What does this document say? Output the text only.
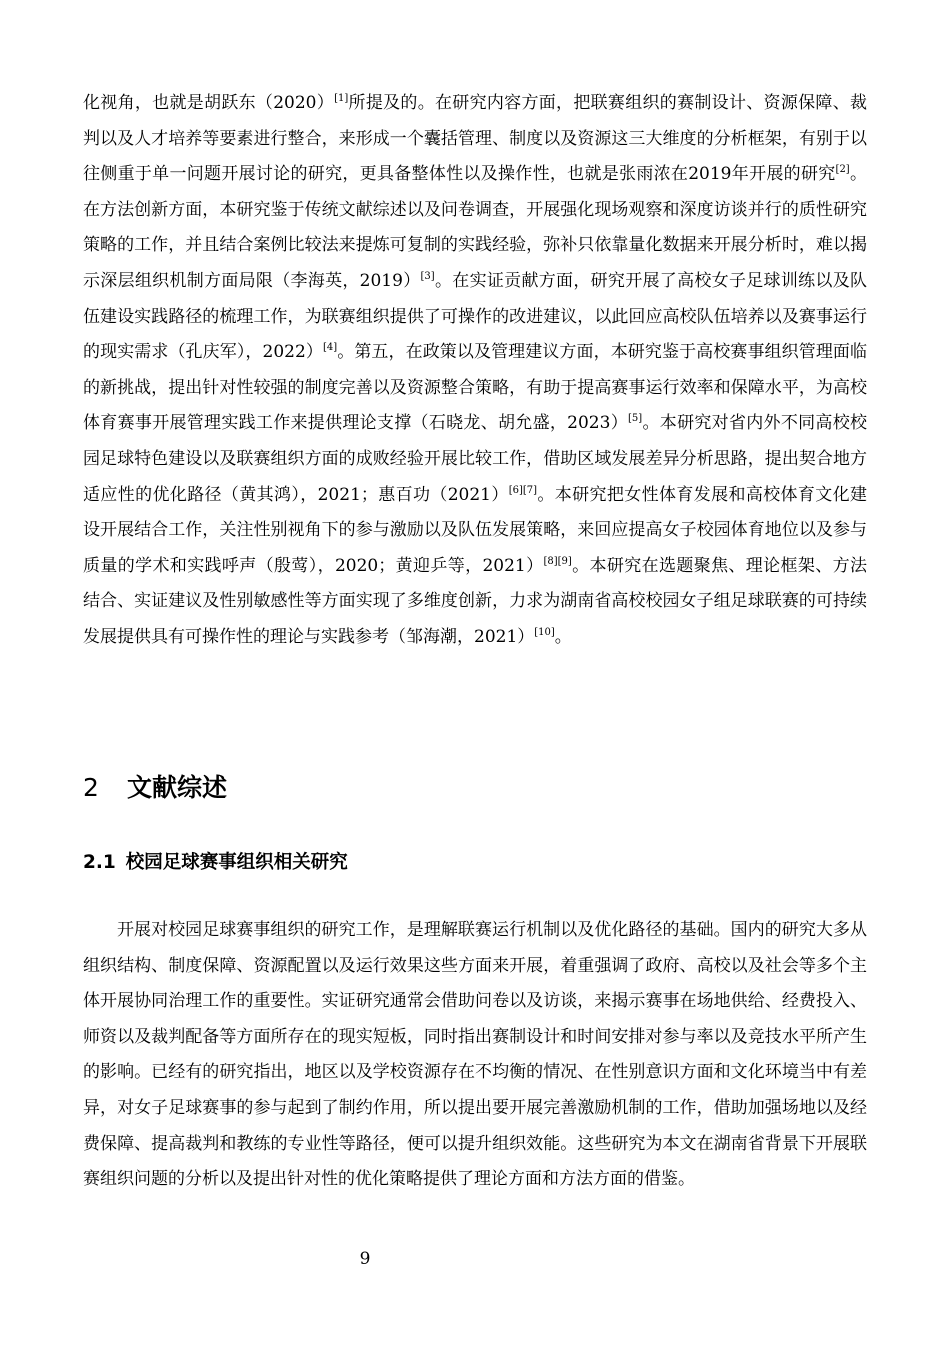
化视角，也就是胡跃东（2020）[1]所提及的。在研究内容方面，把联赛组织的赛制设计、资源保障、裁判以及人才培养等要素进行整合，来形成一个囊括管理、制度以及资源这三大维度的分析框架，有别于以往侧重于单一问题开展讨论的研究，更具备整体性以及操作性，也就是张雨浓在2019年开展的研究[2]。在方法创新方面，本研究鉴于传统文献综述以及问卷调查，开展强化现场观察和深度访谈并行的质性研究策略的工作，并且结合案例比较法来提炼可复制的实践经验，弥补只依靠量化数据来开展分析时，难以揭示深层组织机制方面局限（李海英，2019）[3]。在实证贡献方面，研究开展了高校女子足球训练以及队伍建设实践路径的梳理工作，为联赛组织提供了可操作的改进建议，以此回应高校队伍培养以及赛事运行的现实需求（孔庆军），2022）[4]。第五，在政策以及管理建议方面，本研究鉴于高校赛事组织管理面临的新挑战，提出针对性较强的制度完善以及资源整合策略，有助于提高赛事运行效率和保障水平，为高校体育赛事开展管理实践工作来提供理论支撑（石晓龙、胡允盛，2023）[5]。本研究对省内外不同高校校园足球特色建设以及联赛组织方面的成败经验开展比较工作，借助区域发展差异分析思路，提出契合地方适应性的优化路径（黄其鸿），2021；惠百功（2021）[6][7]。本研究把女性体育发展和高校体育文化建设开展结合工作，关注性别视角下的参与激励以及队伍发展策略，来回应提高女子校园体育地位以及参与质量的学术和实践呼声（殷莺），2020；黄迎乒等，2021）[8][9]。本研究在选题聚焦、理论框架、方法结合、实证建议及性别敏感性等方面实现了多维度创新，力求为湖南省高校校园女子组足球联赛的可持续发展提供具有可操作性的理论与实践参考（邹海潮，2021）[10]。

2 文献综述
2.1 校园足球赛事组织相关研究

开展对校园足球赛事组织的研究工作，是理解联赛运行机制以及优化路径的基础。国内的研究大多从组织结构、制度保障、资源配置以及运行效果这些方面来开展，着重强调了政府、高校以及社会等多个主体开展协同治理工作的重要性。实证研究通常会借助问卷以及访谈，来揭示赛事在场地供给、经费投入、师资以及裁判配备等方面所存在的现实短板，同时指出赛制设计和时间安排对参与率以及竞技水平所产生的影响。已经有的研究指出，地区以及学校资源存在不均衡的情况、在性别意识方面和文化环境当中有差异，对女子足球赛事的参与起到了制约作用，所以提出要开展完善激励机制的工作，借助加强场地以及经费保障、提高裁判和教练的专业性等路径，便可以提升组织效能。这些研究为本文在湖南省背景下开展联赛组织问题的分析以及提出针对性的优化策略提供了理论方面和方法方面的借鉴。

9
